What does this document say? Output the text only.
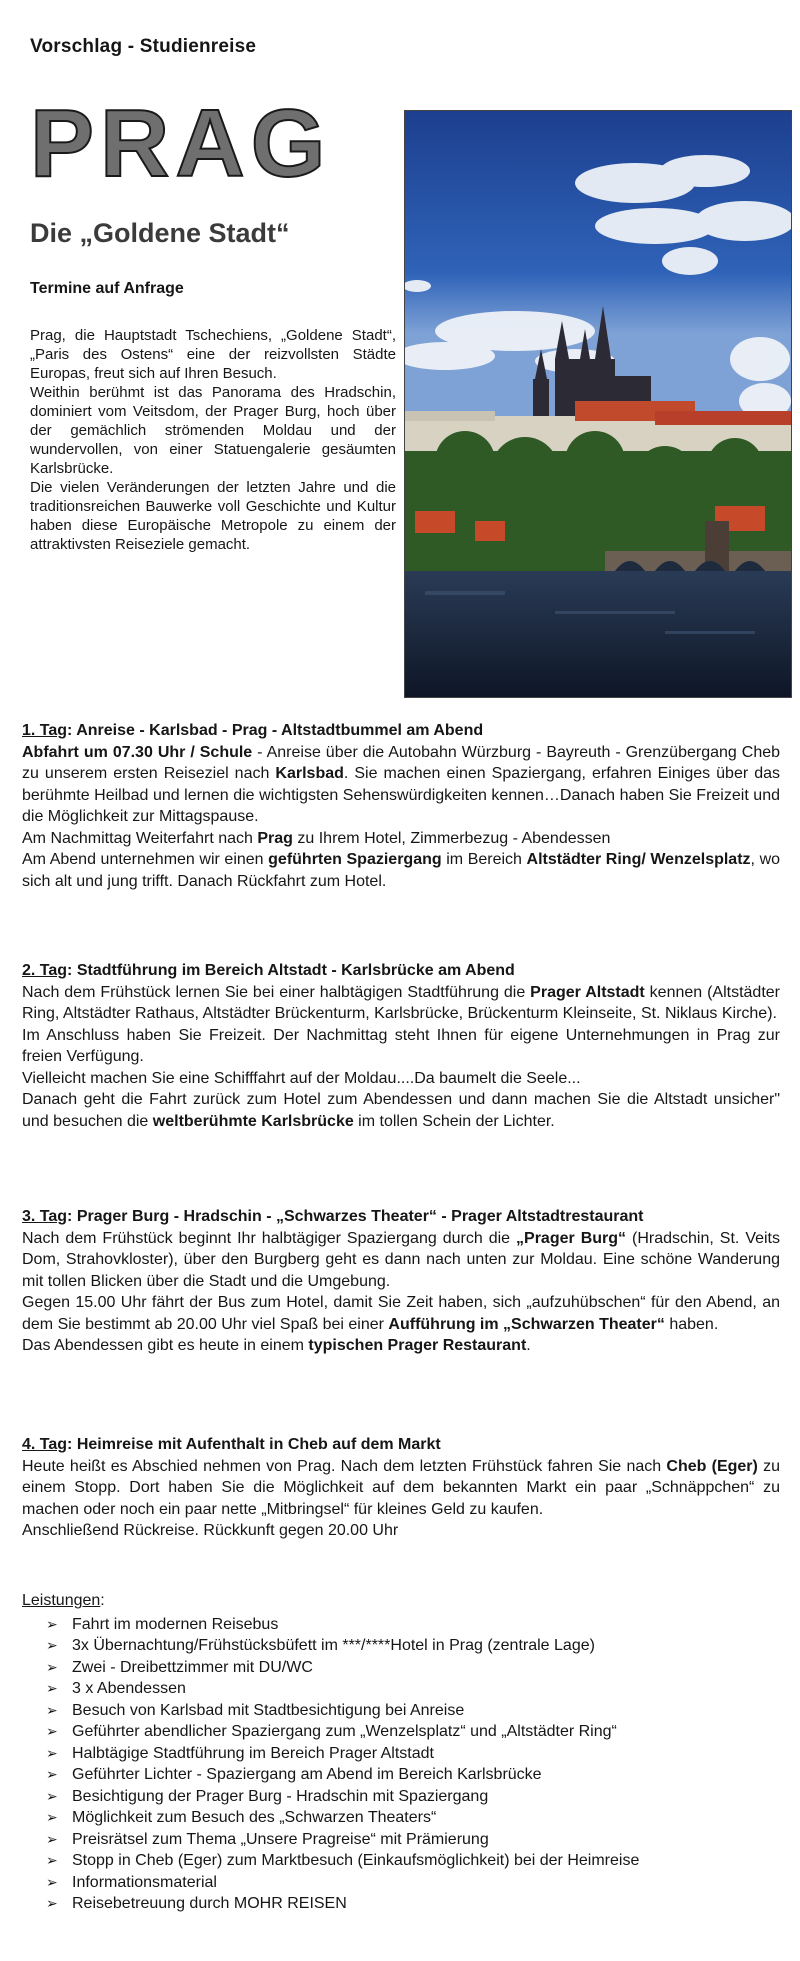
Vorschlag - Studienreise
PRAG
Die „Goldene Stadt“
Termine auf Anfrage

Prag, die Hauptstadt Tschechiens, „Goldene Stadt“, „Paris des Ostens“ eine der reizvollsten Städte Europas, freut sich auf Ihren Besuch.

Weithin berühmt ist das Panorama des Hradschin, dominiert vom Veitsdom, der Prager Burg, hoch über der gemächlich strömenden Moldau und der wundervollen, von einer Statuengalerie gesäumten Karlsbrücke.

Die vielen Veränderungen der letzten Jahre und die traditionsreichen Bauwerke voll Geschichte und Kultur haben diese Europäische Metropole zu einem der attraktivsten Reiseziele gemacht.

1. Tag: Anreise - Karlsbad - Prag - Altstadtbummel am Abend

Abfahrt um 07.30 Uhr / Schule - Anreise über die Autobahn Würzburg - Bayreuth - Grenzübergang Cheb zu unserem ersten Reiseziel nach Karlsbad. Sie machen einen Spaziergang, erfahren Einiges über das berühmte Heilbad und lernen die wichtigsten Sehenswürdigkeiten kennen…Danach haben Sie Freizeit und die Möglichkeit zur Mittagspause.

Am Nachmittag Weiterfahrt nach Prag zu Ihrem Hotel, Zimmerbezug - Abendessen

Am Abend unternehmen wir einen geführten Spaziergang im Bereich Altstädter Ring/ Wenzelsplatz, wo sich alt und jung trifft. Danach Rückfahrt zum Hotel.

2. Tag: Stadtführung im Bereich Altstadt - Karlsbrücke am Abend

Nach dem Frühstück lernen Sie bei einer halbtägigen Stadtführung die Prager Altstadt kennen (Altstädter Ring, Altstädter Rathaus, Altstädter Brückenturm, Karlsbrücke, Brückenturm Kleinseite, St. Niklaus Kirche).

Im Anschluss haben Sie Freizeit. Der Nachmittag steht Ihnen für eigene Unternehmungen in Prag zur freien Verfügung.

Vielleicht machen Sie eine Schifffahrt auf der Moldau....Da baumelt die Seele...

Danach geht die Fahrt zurück zum Hotel zum Abendessen und dann machen Sie die Altstadt unsicher" und besuchen die weltberühmte Karlsbrücke im tollen Schein der Lichter.

3. Tag: Prager Burg - Hradschin - „Schwarzes Theater“ - Prager Altstadtrestaurant

Nach dem Frühstück beginnt Ihr halbtägiger Spaziergang durch die „Prager Burg“ (Hradschin, St. Veits Dom, Strahovkloster), über den Burgberg geht es dann nach unten zur Moldau. Eine schöne Wanderung mit tollen Blicken über die Stadt und die Umgebung.

Gegen 15.00 Uhr fährt der Bus zum Hotel, damit Sie Zeit haben, sich „aufzuhübschen“ für den Abend, an dem Sie bestimmt ab 20.00 Uhr viel Spaß bei einer Aufführung im „Schwarzen Theater“ haben.

Das Abendessen gibt es heute in einem typischen Prager Restaurant.

4. Tag: Heimreise mit Aufenthalt in Cheb auf dem Markt

Heute heißt es Abschied nehmen von Prag. Nach dem letzten Frühstück fahren Sie nach Cheb (Eger) zu einem Stopp. Dort haben Sie die Möglichkeit auf dem bekannten Markt ein paar „Schnäppchen“ zu machen oder noch ein paar nette „Mitbringsel“ für kleines Geld zu kaufen.

Anschließend Rückreise. Rückkunft gegen 20.00 Uhr

Leistungen:

➢ Fahrt im modernen Reisebus
➢ 3x Übernachtung/Frühstücksbüfett im ***/****Hotel in Prag (zentrale Lage)
➢ Zwei - Dreibettzimmer mit DU/WC
➢ 3 x Abendessen
➢ Besuch von Karlsbad mit Stadtbesichtigung bei Anreise
➢ Geführter abendlicher Spaziergang zum „Wenzelsplatz“ und „Altstädter Ring“
➢ Halbtägige Stadtführung im Bereich Prager Altstadt
➢ Geführter Lichter - Spaziergang am Abend im Bereich Karlsbrücke
➢ Besichtigung der Prager Burg - Hradschin mit Spaziergang
➢ Möglichkeit zum Besuch des „Schwarzen Theaters“
➢ Preisrätsel zum Thema „Unsere Pragreise“ mit Prämierung
➢ Stopp in Cheb (Eger) zum Marktbesuch (Einkaufsmöglichkeit) bei der Heimreise
➢ Informationsmaterial
➢ Reisebetreuung durch MOHR REISEN
